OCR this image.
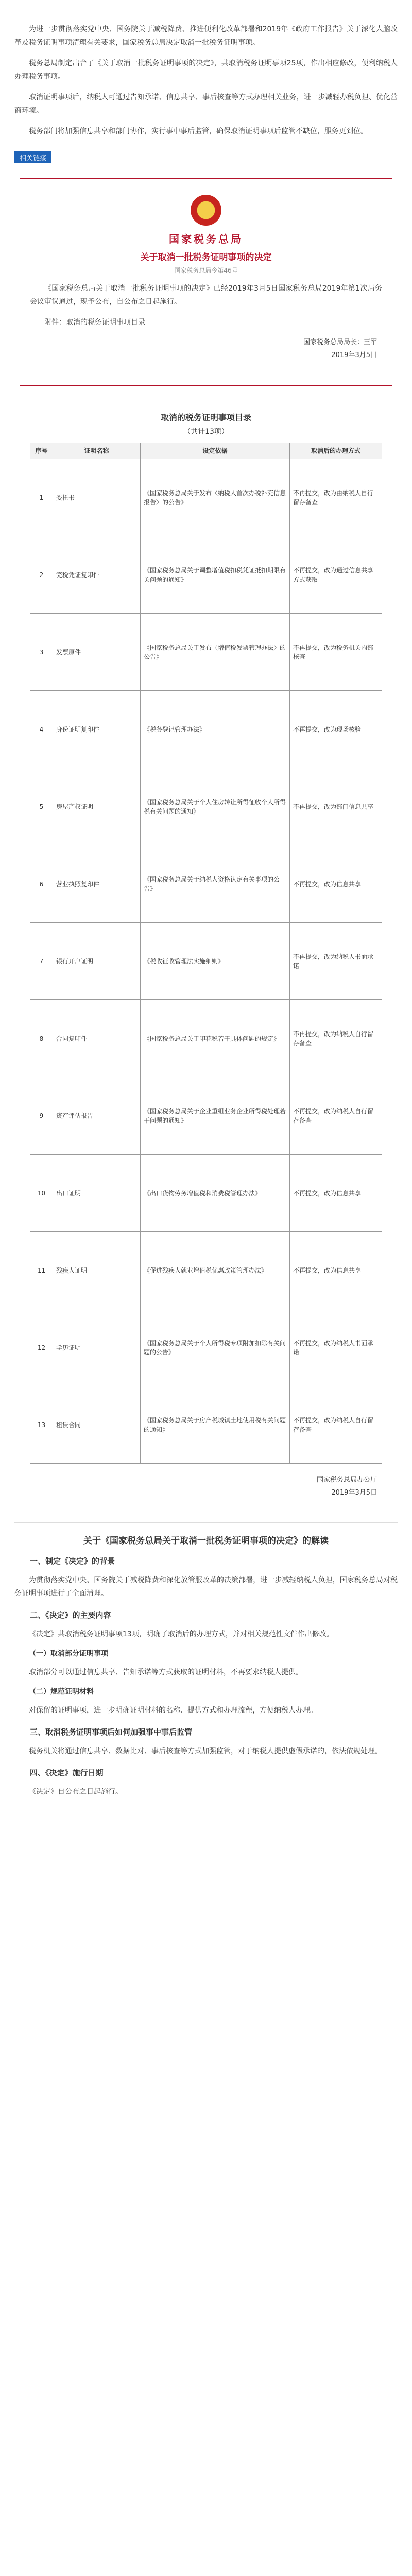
为进一步贯彻落实党中央、国务院关于减税降费、推进便利化改革部署和2019年《政府工作报告》关于深化人脑改革及税务证明事项清理有关要求，国家税务总局决定取消一批税务证明事项。

税务总局制定出台了《关于取消一批税务证明事项的决定》，共取消税务证明事项25项，作出相应修改，便利纳税人办理税务事项。

取消证明事项后，纳税人可通过告知承诺、信息共享、事后核查等方式办理相关业务，进一步减轻办税负担、优化营商环境。

税务部门将加强信息共享和部门协作，实行事中事后监管，确保取消证明事项后监管不缺位，服务更到位。

相关链接
国家税务总局
关于取消一批税务证明事项的决定
国家税务总局令第46号

《国家税务总局关于取消一批税务证明事项的决定》已经2019年3月5日国家税务总局2019年第1次局务会议审议通过，现予公布，自公布之日起施行。

附件：取消的税务证明事项目录

国家税务总局局长：王军
2019年3月5日
取消的税务证明事项目录
（共计13项）
序号	证明名称	设定依据	取消后的办理方式
1	委托书	《国家税务总局关于发布〈纳税人首次办税补充信息报告〉的公告》	不再提交，改为由纳税人自行留存备查
2	完税凭证复印件	《国家税务总局关于调整增值税扣税凭证抵扣期限有关问题的通知》	不再提交，改为通过信息共享方式获取
3	发票原件	《国家税务总局关于发布〈增值税发票管理办法〉的公告》	不再提交，改为税务机关内部核查
4	身份证明复印件	《税务登记管理办法》	不再提交，改为现场核验
5	房屋产权证明	《国家税务总局关于个人住房转让所得征收个人所得税有关问题的通知》	不再提交，改为部门信息共享
6	营业执照复印件	《国家税务总局关于纳税人资格认定有关事项的公告》	不再提交，改为信息共享
7	银行开户证明	《税收征收管理法实施细则》	不再提交，改为纳税人书面承诺
8	合同复印件	《国家税务总局关于印花税若干具体问题的规定》	不再提交，改为纳税人自行留存备查
9	资产评估报告	《国家税务总局关于企业重组业务企业所得税处理若干问题的通知》	不再提交，改为纳税人自行留存备查
10	出口证明	《出口货物劳务增值税和消费税管理办法》	不再提交，改为信息共享
11	残疾人证明	《促进残疾人就业增值税优惠政策管理办法》	不再提交，改为信息共享
12	学历证明	《国家税务总局关于个人所得税专项附加扣除有关问题的公告》	不再提交，改为纳税人书面承诺
13	租赁合同	《国家税务总局关于房产税城镇土地使用税有关问题的通知》	不再提交，改为纳税人自行留存备查
国家税务总局办公厅
2019年3月5日
关于《国家税务总局关于取消一批税务证明事项的决定》的解读
一、制定《决定》的背景

为贯彻落实党中央、国务院关于减税降费和深化放管服改革的决策部署，进一步减轻纳税人负担，国家税务总局对税务证明事项进行了全面清理。

二、《决定》的主要内容

《决定》共取消税务证明事项13项，明确了取消后的办理方式，并对相关规范性文件作出修改。

（一）取消部分证明事项

取消部分可以通过信息共享、告知承诺等方式获取的证明材料，不再要求纳税人提供。

（二）规范证明材料

对保留的证明事项，进一步明确证明材料的名称、提供方式和办理流程，方便纳税人办理。

三、取消税务证明事项后如何加强事中事后监管

税务机关将通过信息共享、数据比对、事后核查等方式加强监管，对于纳税人提供虚假承诺的，依法依规处理。

四、《决定》施行日期

《决定》自公布之日起施行。
